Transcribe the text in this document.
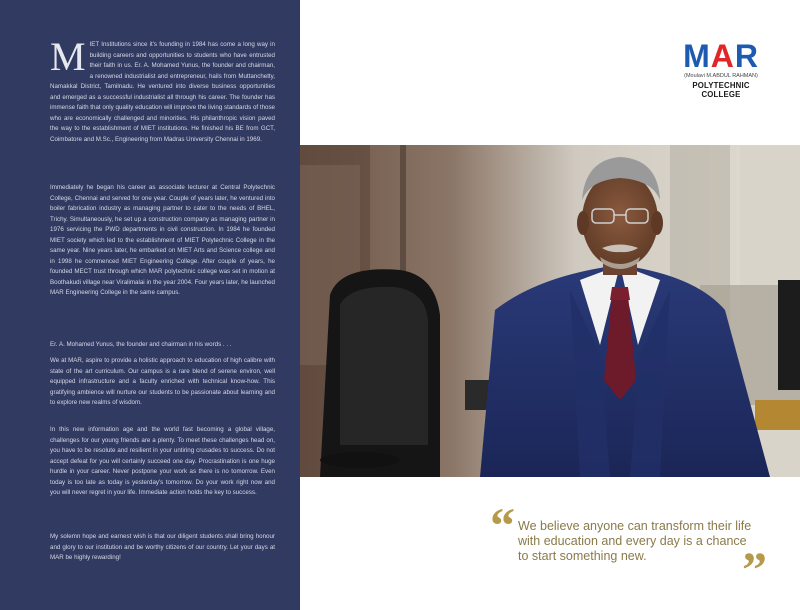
MIET Institutions since it's founding in 1984 has come a long way in building careers and opportunities to students who have entrusted their faith in us. Er. A. Mohamed Yunus, the founder and chairman, a renowned industrialist and entrepreneur, hails from Muttanchetty, Namakkal District, Tamilnadu. He ventured into diverse business opportunities and emerged as a successful industrialist all through his career. The founder has immense faith that only quality education will improve the living standards of those who are economically challenged and minorities. His philanthropic vision paved the way to the establishment of MIET institutions. He finished his BE from GCT, Coimbatore and M.Sc., Engineering from Madras University Chennai in 1969.

Immediately he began his career as associate lecturer at Central Polytechnic College, Chennai and served for one year. Couple of years later, he ventured into boiler fabrication industry as managing partner to cater to the needs of BHEL, Trichy. Simultaneously, he set up a construction company as managing partner in 1976 servicing the PWD departments in civil construction. In 1984 he founded MIET society which led to the establishment of MIET Polytechnic College in the same year. Nine years later, he embarked on MIET Arts and Science college and in 1998 he commenced MIET Engineering College. After couple of years, he founded MECT trust through which MAR polytechnic college was set in motion at Boothakudi village near Viralimalai in the year 2004. Four years later, he launched MAR Engineering College in the same campus.

Er. A. Mohamed Yunus, the founder and chairman in his words . . .

We at MAR, aspire to provide a holistic approach to education of high calibre with state of the art curriculum. Our campus is a rare blend of serene environ, well equipped infrastructure and a faculty enriched with technical know-how. This gratifying ambience will nurture our students to be passionate about learning and to explore new realms of wisdom.

In this new information age and the world fast becoming a global village, challenges for our young friends are a plenty. To meet these challenges head on, you have to be resolute and resilient in your untiring crusades to success. Do not accept defeat for you will certainly succeed one day. Procrastination is one huge hurdle in your career. Never postpone your work as there is no tomorrow. Even today is too late as today is yesterday's tomorrow. Do your work right now and you will never regret in your life. Immediate action holds the key to success.

My solemn hope and earnest wish is that our diligent students shall bring honour and glory to our institution and be worthy citizens of our country. Let your days at MAR be highly rewarding!

MAR
(Moulavi M.ABDUL RAHMAN)
POLYTECHNIC COLLEGE
“ We believe anyone can transform their life with education and every day is a chance to start something new.	”
